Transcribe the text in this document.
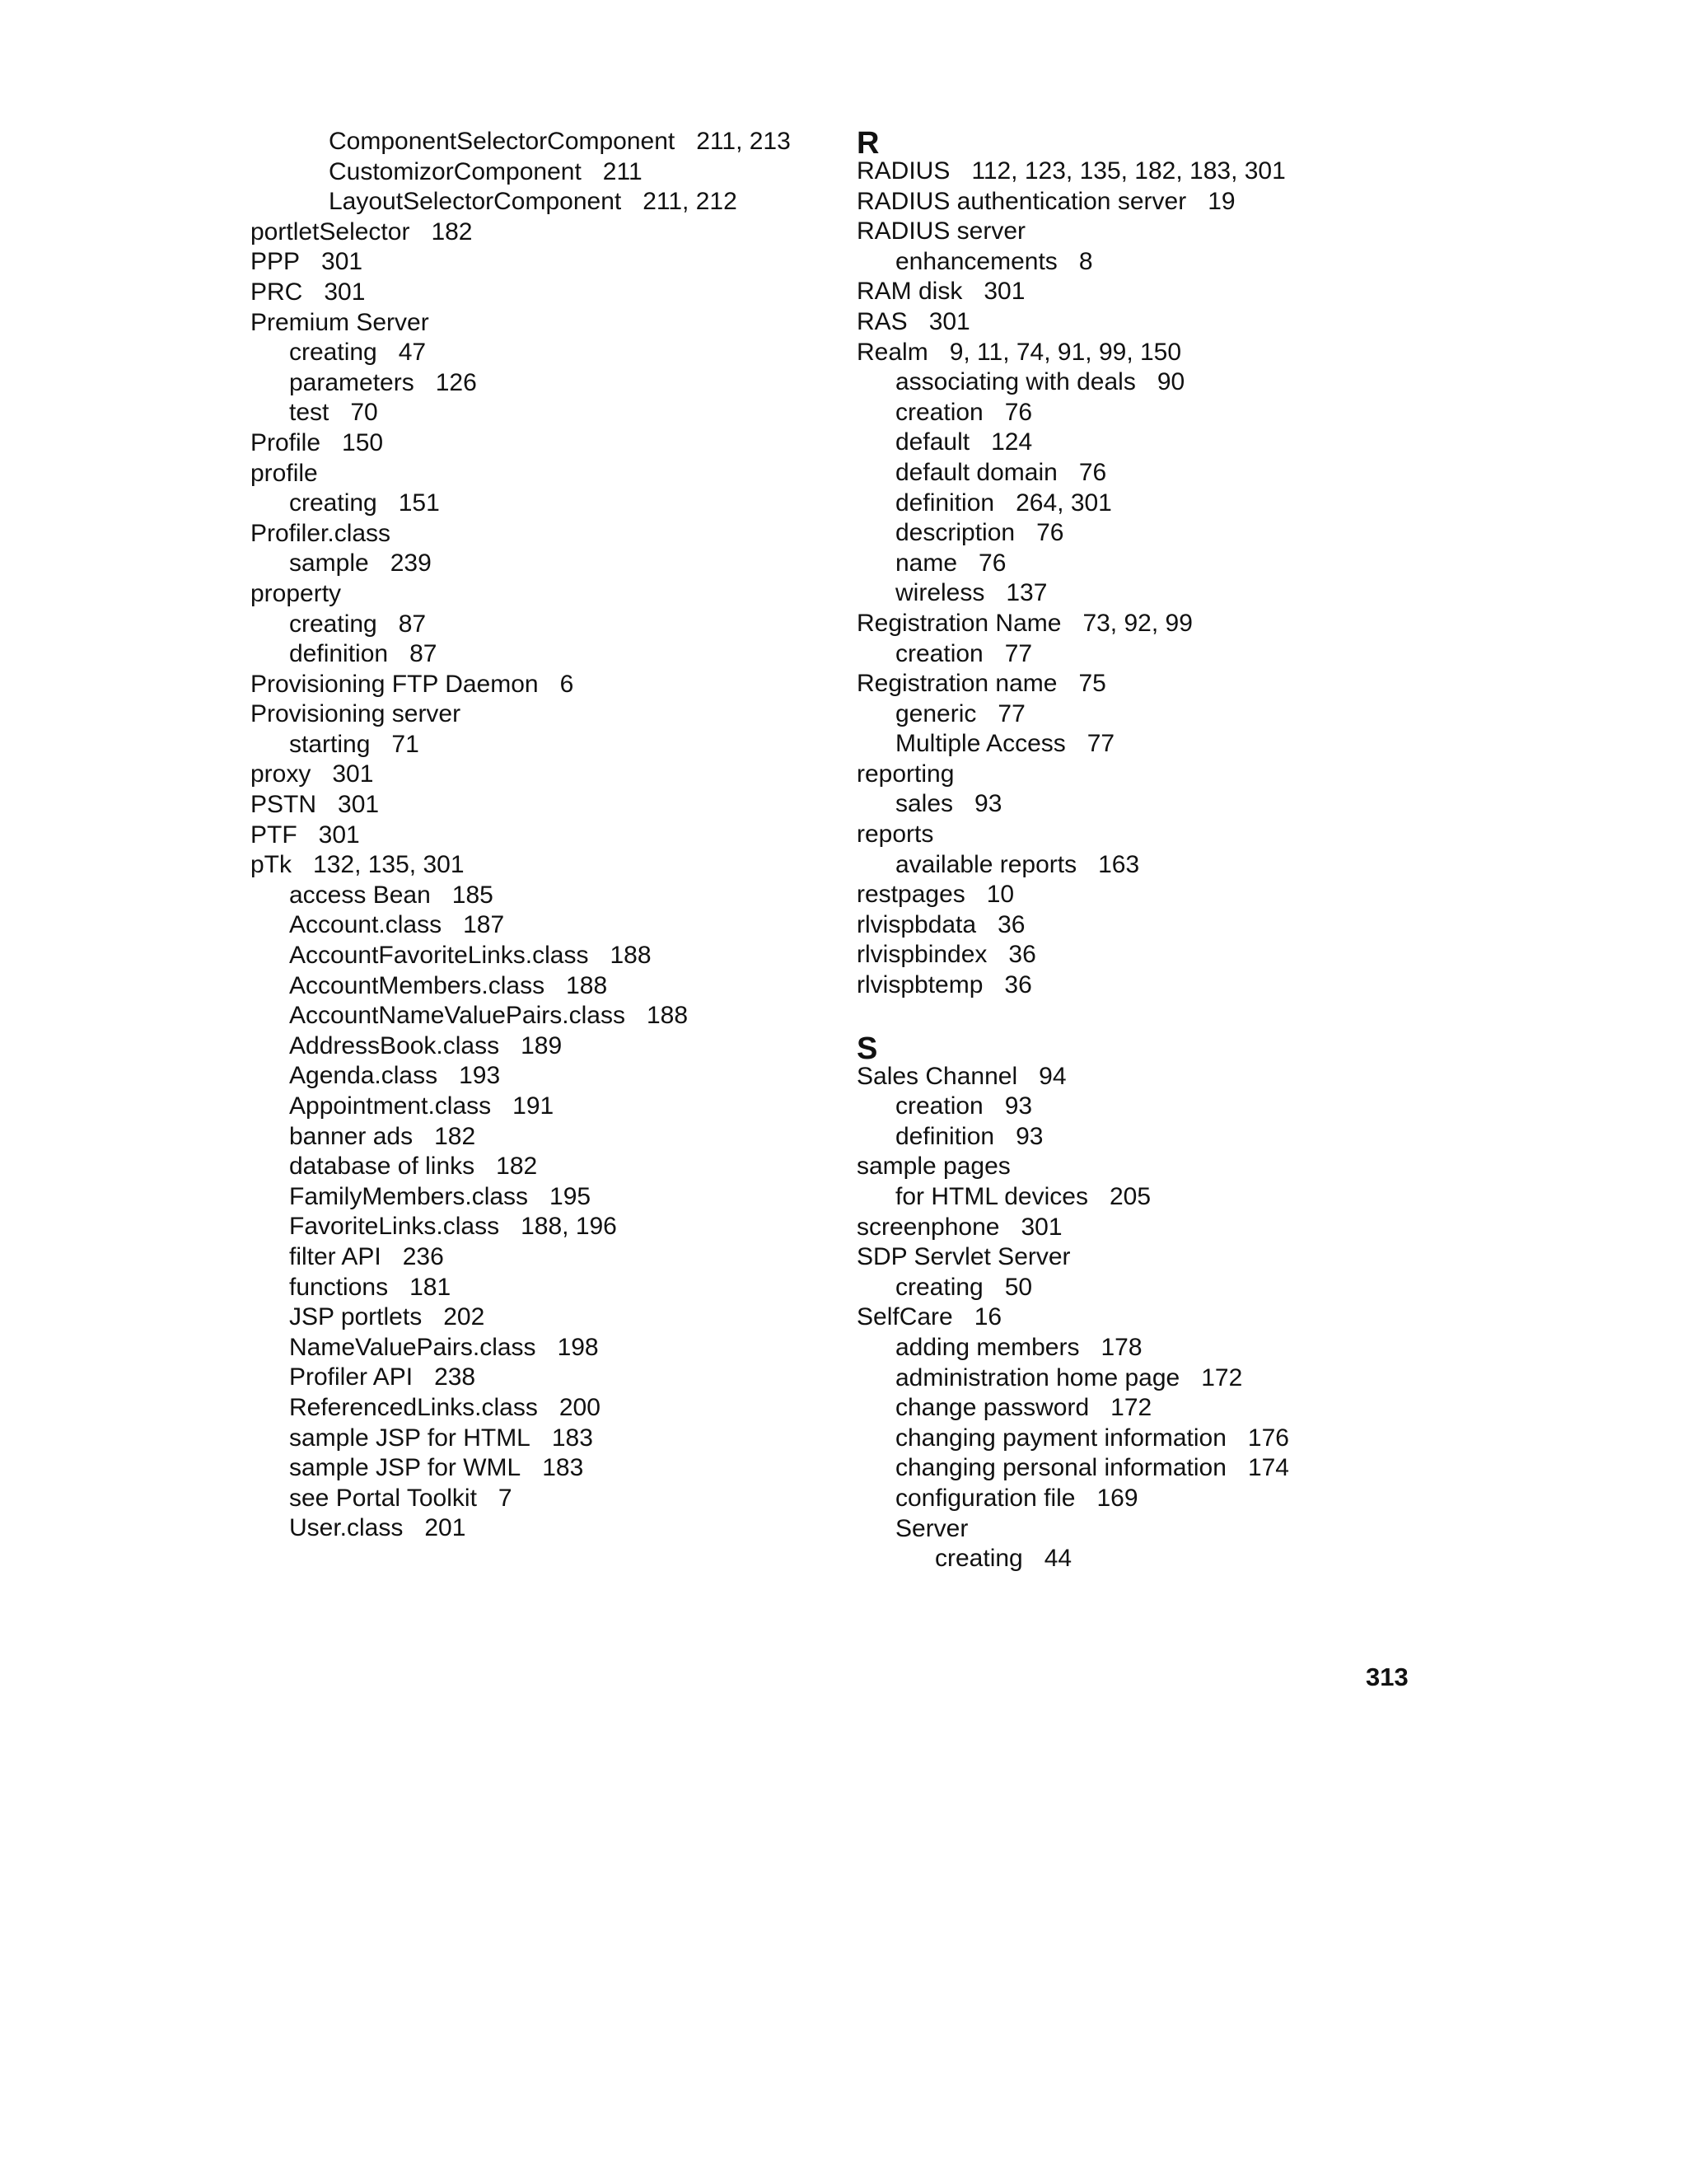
ComponentSelectorComponent 211, 213
CustomizorComponent 211
LayoutSelectorComponent 211, 212
portletSelector 182
PPP 301
PRC 301
Premium Server
creating 47
parameters 126
test 70
Profile 150
profile
creating 151
Profiler.class
sample 239
property
creating 87
definition 87
Provisioning FTP Daemon 6
Provisioning server
starting 71
proxy 301
PSTN 301
PTF 301
pTk 132, 135, 301
access Bean 185
Account.class 187
AccountFavoriteLinks.class 188
AccountMembers.class 188
AccountNameValuePairs.class 188
AddressBook.class 189
Agenda.class 193
Appointment.class 191
banner ads 182
database of links 182
FamilyMembers.class 195
FavoriteLinks.class 188, 196
filter API 236
functions 181
JSP portlets 202
NameValuePairs.class 198
Profiler API 238
ReferencedLinks.class 200
sample JSP for HTML 183
sample JSP for WML 183
see Portal Toolkit 7
User.class 201
R
RADIUS 112, 123, 135, 182, 183, 301
RADIUS authentication server 19
RADIUS server
enhancements 8
RAM disk 301
RAS 301
Realm 9, 11, 74, 91, 99, 150
associating with deals 90
creation 76
default 124
default domain 76
definition 264, 301
description 76
name 76
wireless 137
Registration Name 73, 92, 99
creation 77
Registration name 75
generic 77
Multiple Access 77
reporting
sales 93
reports
available reports 163
restpages 10
rlvispbdata 36
rlvispbindex 36
rlvispbtemp 36
S
Sales Channel 94
creation 93
definition 93
sample pages
for HTML devices 205
screenphone 301
SDP Servlet Server
creating 50
SelfCare 16
adding members 178
administration home page 172
change password 172
changing payment information 176
changing personal information 174
configuration file 169
Server
creating 44
313
